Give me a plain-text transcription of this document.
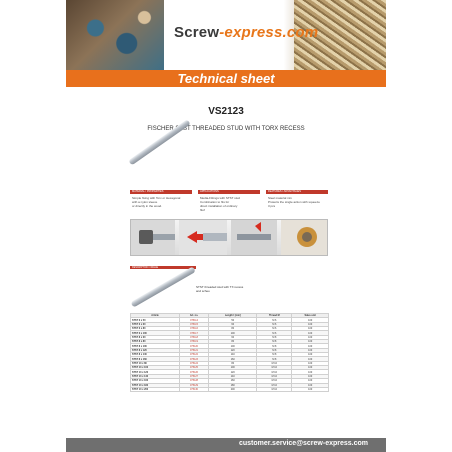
Screw-express.com
Technical sheet
VS2123
FISCHER STST THREADED STUD WITH TORX RECESS
MATERIAL / PROPERTIES
Simple fixing with Torx or Hexagonal
with a nylon sleeve
or directly in the wood.
APPLICATIONS
Media-Fittings with STST stud
Combination to fits for
direct installation of ordinary
fitof
FEATURES / ADVANTAGES
Steel material mix
Protects the single action with squeeze
3 pcs
DESCRIPTION / IMAGE
STST threaded stud with TX recess
and scheo
Article	Art. no.	Length l [mm]	Thread M	Sales unit
STST 6 x 50	075114	50	M 6	100
STST 6 x 60	075115	60	M 6	100
STST 6 x 80	075116	80	M 6	100
STST 6 x 100	075117	100	M 6	100
STST 8 x 60	075118	60	M 8	100
STST 8 x 80	075119	80	M 8	100
STST 8 x 100	075120	100	M 8	100
STST 8 x 120	075121	120	M 8	100
STST 8 x 140	075122	140	M 8	100
STST 8 x 160	075123	160	M 8	100
STST 10 x 80	075124	80	M 10	100
STST 10 x 100	075125	100	M 10	100
STST 10 x 120	075126	120	M 10	100
STST 10 x 140	075127	140	M 10	100
STST 10 x 160	075128	160	M 10	100
STST 10 x 180	075129	180	M 10	100
STST 10 x 200	075130	200	M 10	100
customer.service@screw-express.com
